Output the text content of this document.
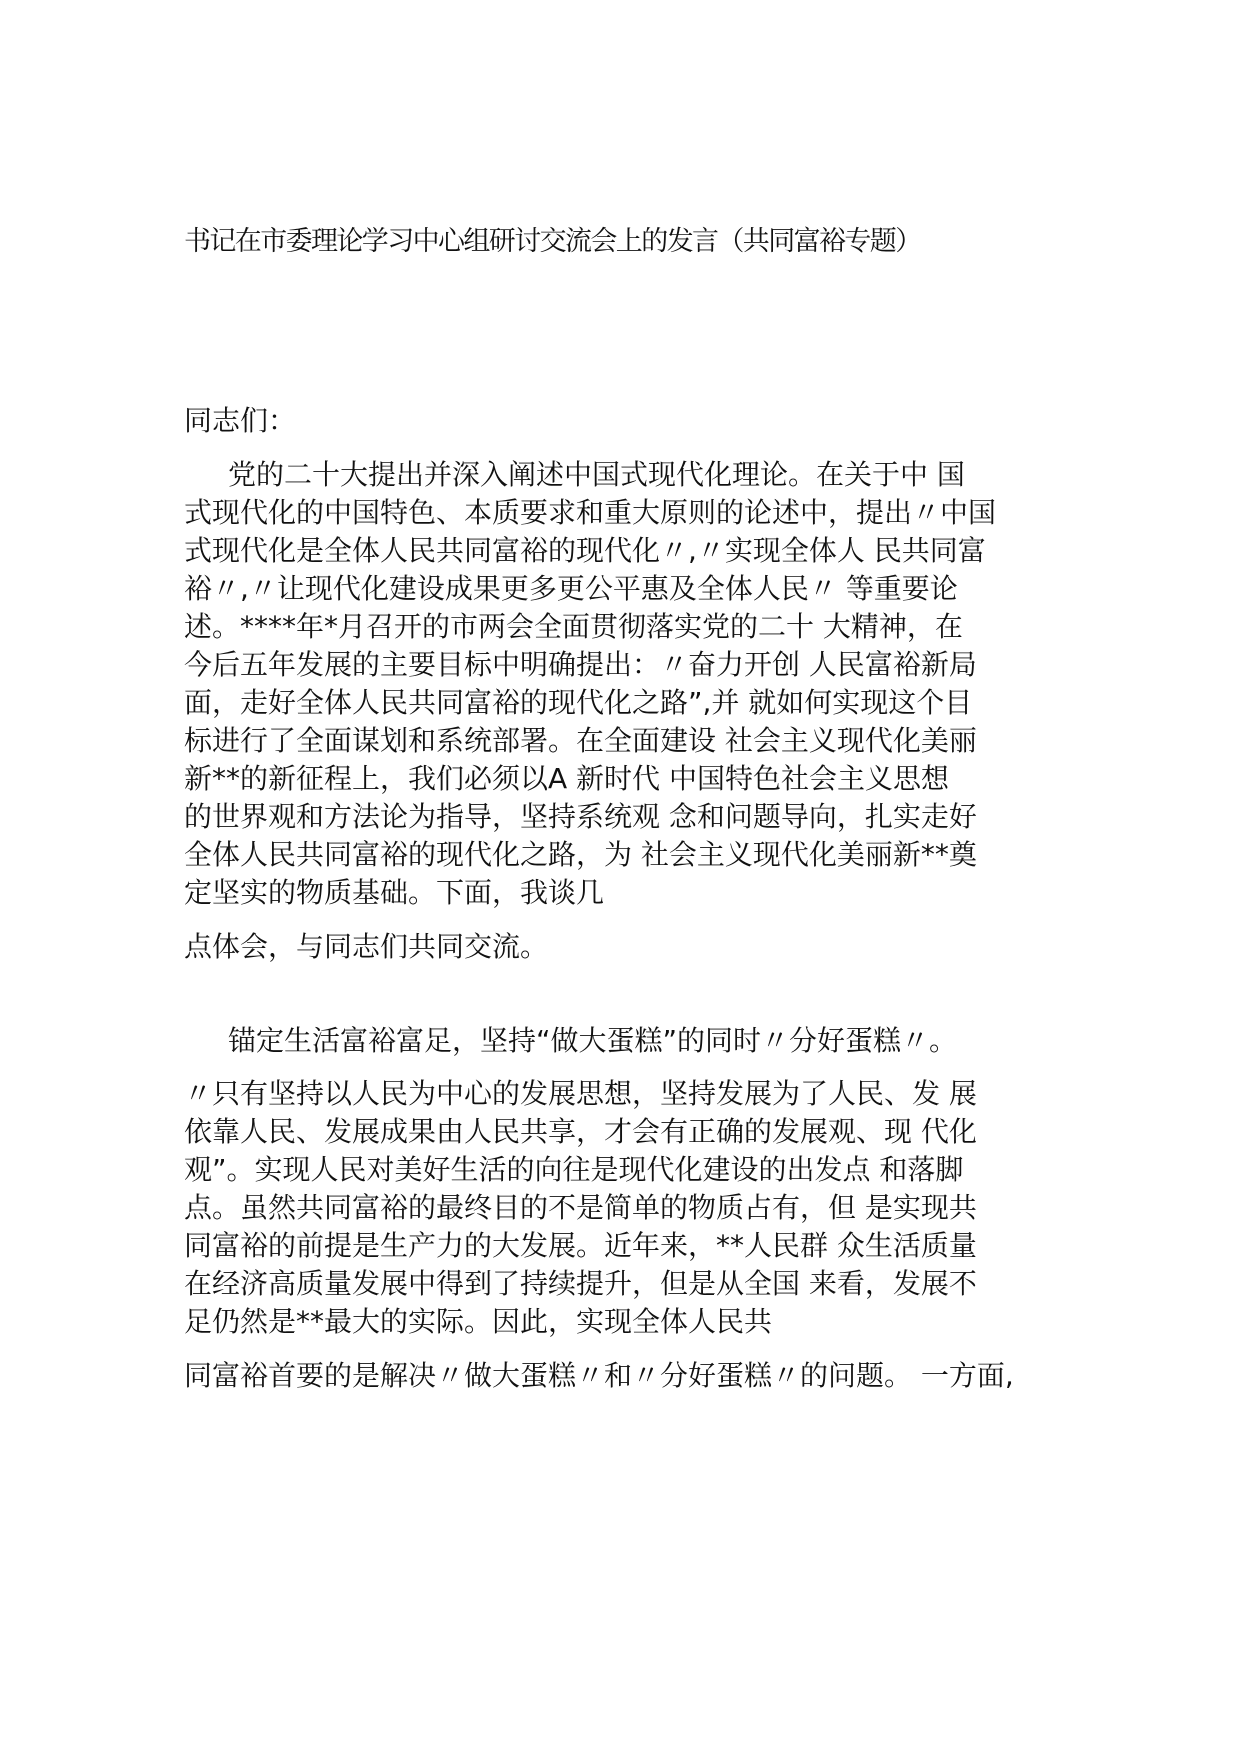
书记在市委理论学习中心组研讨交流会上的发言（共同富裕专题）
同志们：
党的二十大提出并深入阐述中国式现代化理论。在关于中 国
式现代化的中国特色、本质要求和重大原则的论述中，提出〃中国
式现代化是全体人民共同富裕的现代化〃,〃实现全体人 民共同富
裕〃,〃让现代化建设成果更多更公平惠及全体人民〃 等重要论
述。****年*月召开的市两会全面贯彻落实党的二十 大精神，在
今后五年发展的主要目标中明确提出：〃奋力开创 人民富裕新局
面，走好全体人民共同富裕的现代化之路”,并 就如何实现这个目
标进行了全面谋划和系统部署。在全面建设 社会主义现代化美丽
新**的新征程上，我们必须以A 新时代 中国特色社会主义思想
的世界观和方法论为指导，坚持系统观 念和问题导向，扎实走好
全体人民共同富裕的现代化之路，为 社会主义现代化美丽新**奠
定坚实的物质基础。下面，我谈几
点体会，与同志们共同交流。
锚定生活富裕富足，坚持“做大蛋糕”的同时〃分好蛋糕〃。
〃只有坚持以人民为中心的发展思想，坚持发展为了人民、发 展
依靠人民、发展成果由人民共享，才会有正确的发展观、现 代化
观”。实现人民对美好生活的向往是现代化建设的出发点 和落脚
点。虽然共同富裕的最终目的不是简单的物质占有，但 是实现共
同富裕的前提是生产力的大发展。近年来，**人民群 众生活质量
在经济高质量发展中得到了持续提升，但是从全国 来看，发展不
足仍然是**最大的实际。因此，实现全体人民共
同富裕首要的是解决〃做大蛋糕〃和〃分好蛋糕〃的问题。 一方面,
